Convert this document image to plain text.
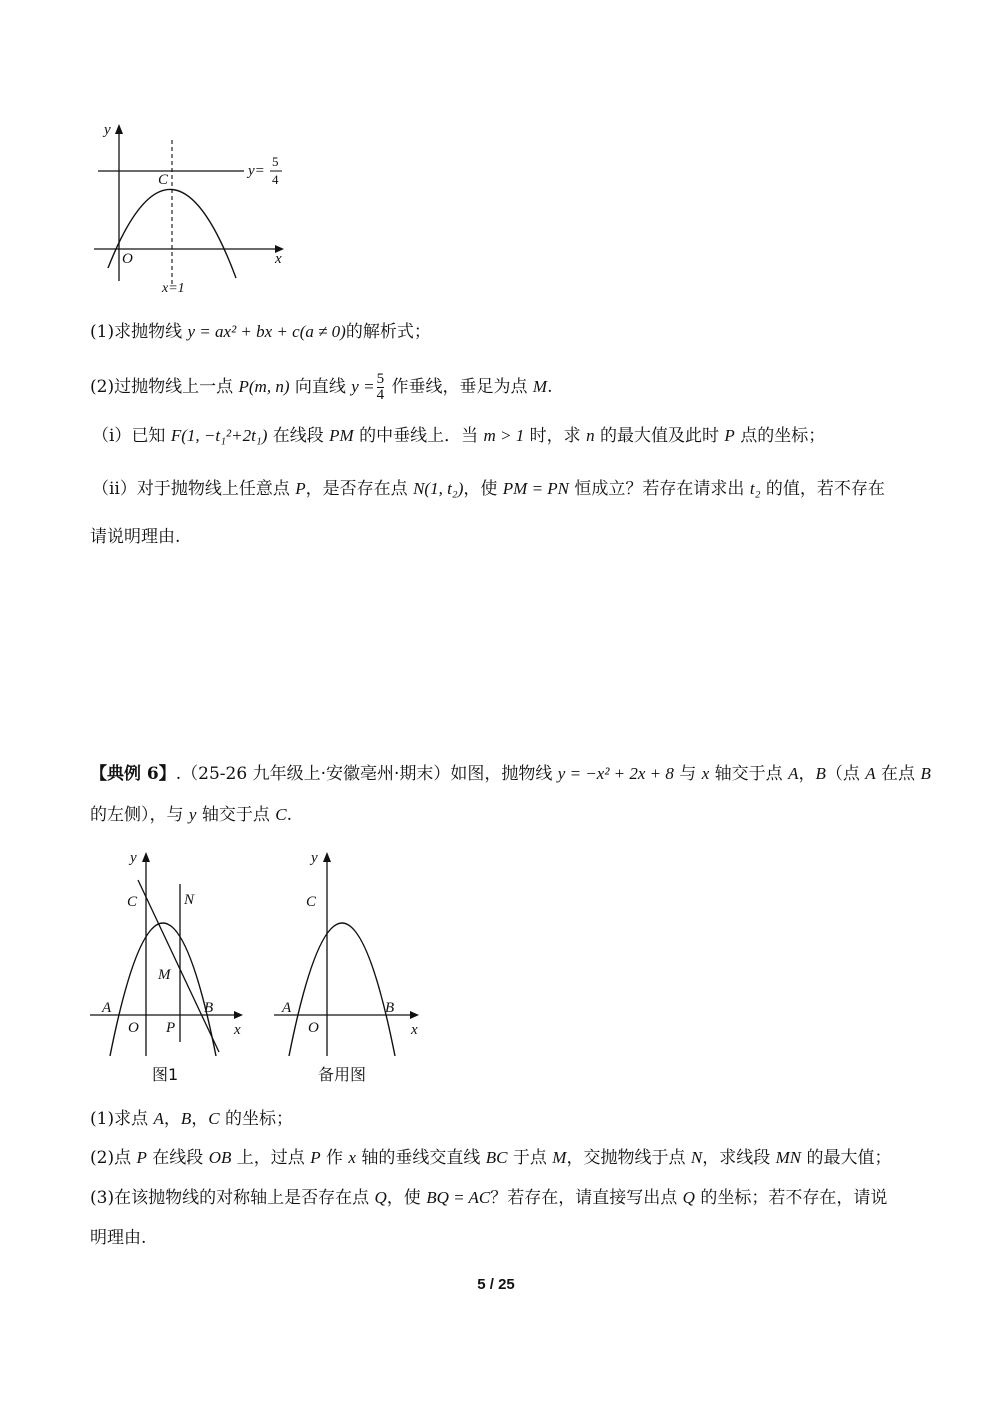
y
x
O
C
y=
5
4
x=1
(1)求抛物线 y = ax² + bx + c(a ≠ 0)的解析式；
(2)过抛物线上一点 P(m, n) 向直线 $y = \frac{5}{4}$ 作垂线，垂足为点 M.
（ⅰ）已知 F(1, −t₁²+2t₁) 在线段 PM 的中垂线上．当 m > 1 时，求 n 的最大值及此时 P 点的坐标；
（ⅱ）对于抛物线上任意点 P，是否存在点 N(1, t₂)，使 PM = PN 恒成立？若存在请求出 t₂ 的值，若不存在
请说明理由.
【典例 6】.（25-26 九年级上·安徽亳州·期末）如图，抛物线 y = −x² + 2x + 8 与 x 轴交于点 A，B（点 A 在点 B
的左侧），与 y 轴交于点 C.
y
x
C	N
M
A	B
O P
图1
y
x
C
A	B
O
备用图
(1)求点 A，B，C 的坐标；
(2)点 P 在线段 OB 上，过点 P 作 x 轴的垂线交直线 BC 于点 M，交抛物线于点 N，求线段 MN 的最大值；
(3)在该抛物线的对称轴上是否存在点 Q，使 BQ = AC？若存在，请直接写出点 Q 的坐标；若不存在，请说
明理由.
5 / 25
